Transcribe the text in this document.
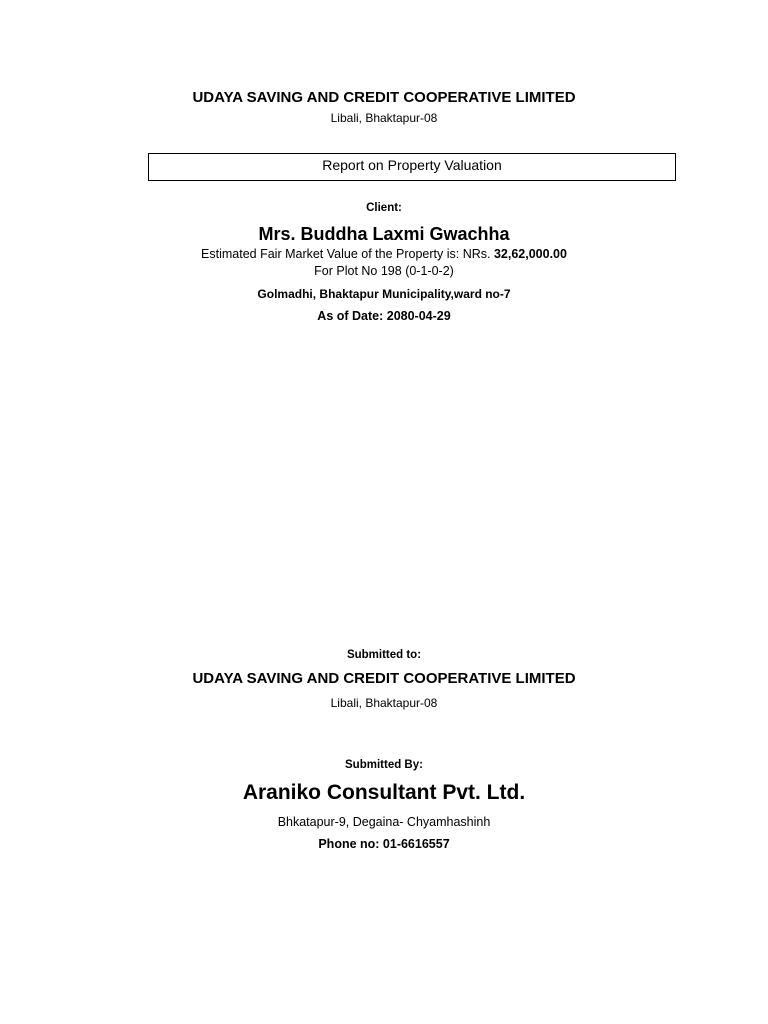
UDAYA SAVING AND CREDIT COOPERATIVE LIMITED
Libali, Bhaktapur-08
Report on Property Valuation
Client:
Mrs. Buddha Laxmi Gwachha
Estimated Fair Market Value of the Property is: NRs. 32,62,000.00
For Plot No 198 (0-1-0-2)
Golmadhi, Bhaktapur Municipality,ward no-7
As of Date: 2080-04-29
Submitted to:
UDAYA SAVING AND CREDIT COOPERATIVE LIMITED
Libali, Bhaktapur-08
Submitted By:
Araniko Consultant Pvt. Ltd.
Bhkatapur-9, Degaina- Chyamhashinh
Phone no: 01-6616557
